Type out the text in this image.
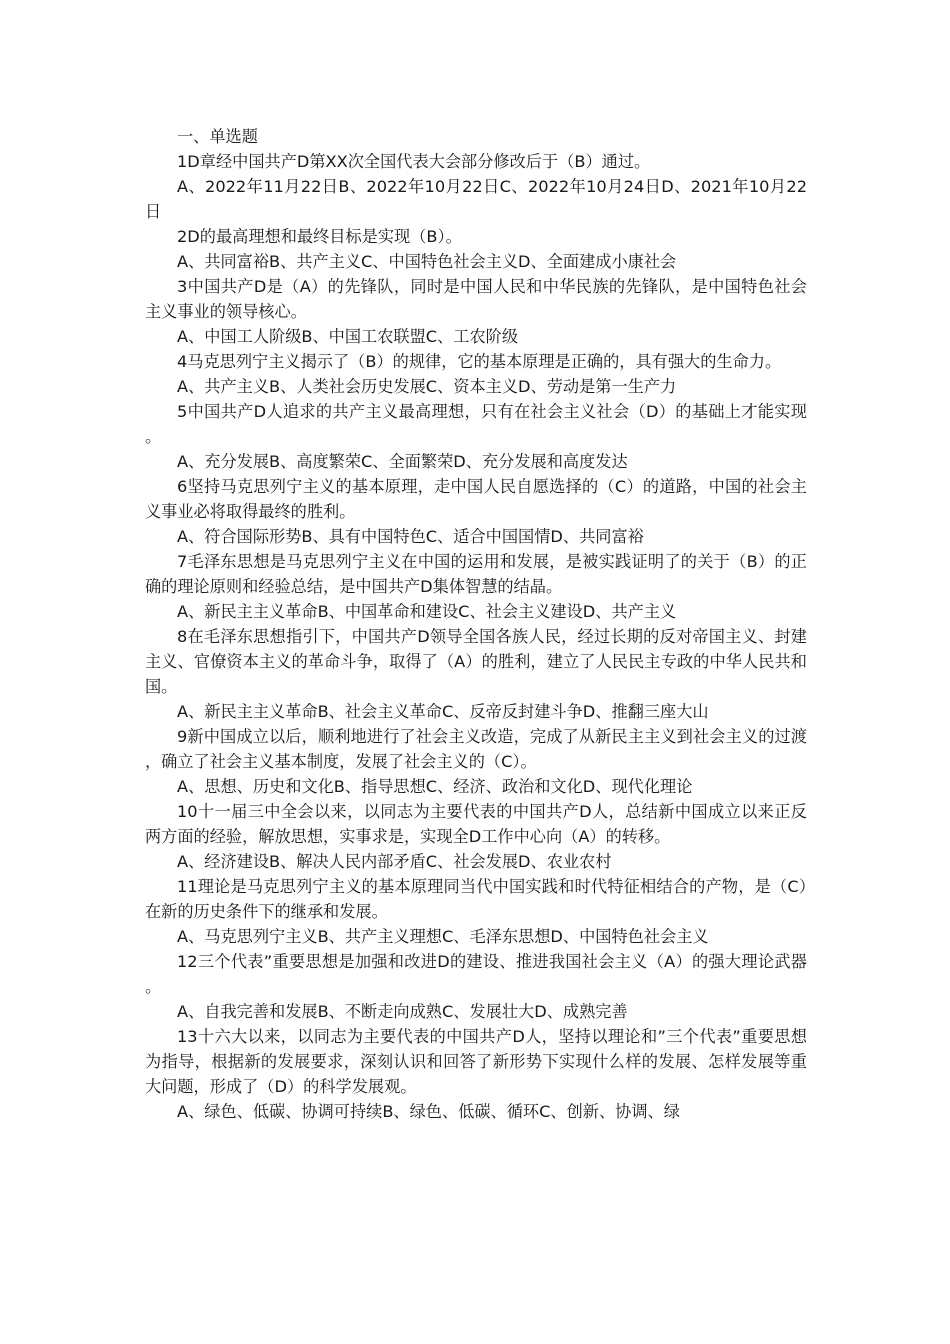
一、单选题

1D章经中国共产D第XX次全国代表大会部分修改后于（B）通过。

A、2022年11月22日B、2022年10月22日C、2022年10月24日D、2021年10月22日

2D的最高理想和最终目标是实现（B）。

A、共同富裕B、共产主义C、中国特色社会主义D、全面建成小康社会

3中国共产D是（A）的先锋队，同时是中国人民和中华民族的先锋队，是中国特色社会主义事业的领导核心。

A、中国工人阶级B、中国工农联盟C、工农阶级

4马克思列宁主义揭示了（B）的规律，它的基本原理是正确的，具有强大的生命力。

A、共产主义B、人类社会历史发展C、资本主义D、劳动是第一生产力

5中国共产D人追求的共产主义最高理想，只有在社会主义社会（D）的基础上才能实现。

A、充分发展B、高度繁荣C、全面繁荣D、充分发展和高度发达

6坚持马克思列宁主义的基本原理，走中国人民自愿选择的（C）的道路，中国的社会主义事业必将取得最终的胜利。

A、符合国际形势B、具有中国特色C、适合中国国情D、共同富裕

7毛泽东思想是马克思列宁主义在中国的运用和发展，是被实践证明了的关于（B）的正确的理论原则和经验总结，是中国共产D集体智慧的结晶。

A、新民主主义革命B、中国革命和建设C、社会主义建设D、共产主义

8在毛泽东思想指引下，中国共产D领导全国各族人民，经过长期的反对帝国主义、封建主义、官僚资本主义的革命斗争，取得了（A）的胜利，建立了人民民主专政的中华人民共和国。

A、新民主主义革命B、社会主义革命C、反帝反封建斗争D、推翻三座大山

9新中国成立以后，顺利地进行了社会主义改造，完成了从新民主主义到社会主义的过渡，确立了社会主义基本制度，发展了社会主义的（C）。

A、思想、历史和文化B、指导思想C、经济、政治和文化D、现代化理论

10十一届三中全会以来，以同志为主要代表的中国共产D人，总结新中国成立以来正反两方面的经验，解放思想，实事求是，实现全D工作中心向（A）的转移。

A、经济建设B、解决人民内部矛盾C、社会发展D、农业农村

11理论是马克思列宁主义的基本原理同当代中国实践和时代特征相结合的产物，是（C）在新的历史条件下的继承和发展。

A、马克思列宁主义B、共产主义理想C、毛泽东思想D、中国特色社会主义

12三个代表”重要思想是加强和改进D的建设、推进我国社会主义（A）的强大理论武器。

A、自我完善和发展B、不断走向成熟C、发展壮大D、成熟完善

13十六大以来，以同志为主要代表的中国共产D人，坚持以理论和”三个代表”重要思想为指导，根据新的发展要求，深刻认识和回答了新形势下实现什么样的发展、怎样发展等重大问题，形成了（D）的科学发展观。

A、绿色、低碳、协调可持续B、绿色、低碳、循环C、创新、协调、绿
